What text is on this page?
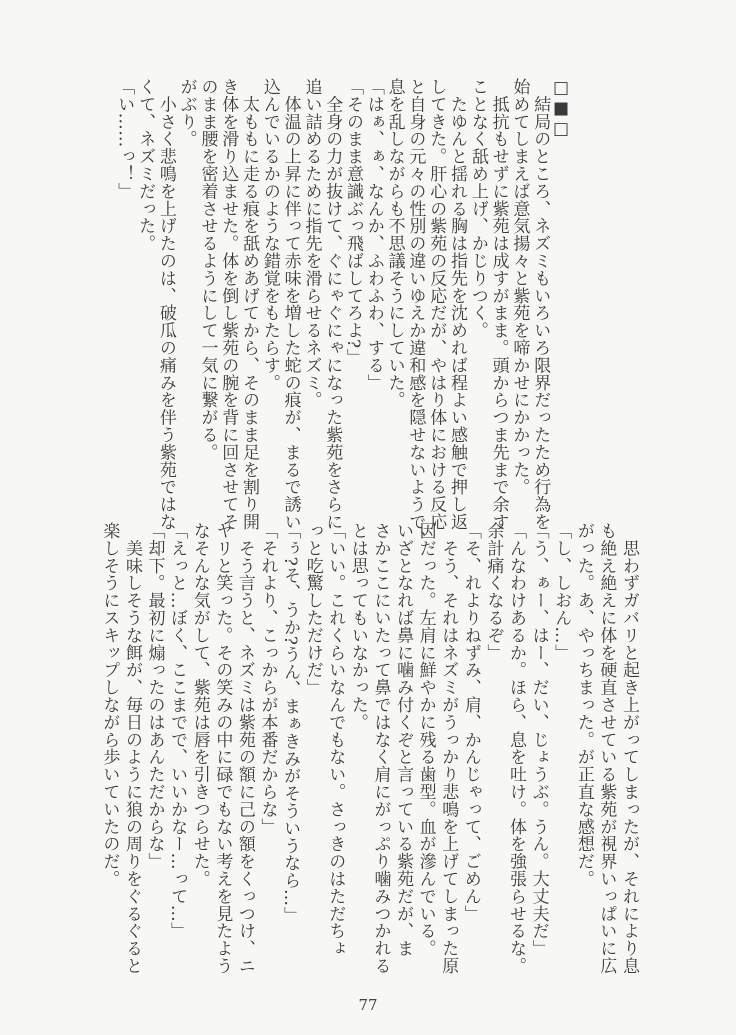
□■□
　結局のところ、ネズミもいろいろ限界だったため行為を
始めてしまえば意気揚々と紫苑を啼かせにかかった。
　抵抗もせずに紫苑は成すがまま。頭からつま先まで余す
ことなく舐め上げ、かじりつく。
　たゆんと揺れる胸は指先を沈めれば程よい感触で押し返
してきた。肝心の紫苑の反応だが、やはり体における反応
と自身の元々の性別の違いゆえか違和感を隠せないようで、
息を乱しながらも不思議そうにしていた。
「はぁ、ぁ、なんか、ふわふわ、する」
「そのまま意識ぶっ飛ばしてろよ?」
　全身の力が抜けて、ぐにゃぐにゃになった紫苑をさらに
追い詰めるために指先を滑らせるネズミ。
　体温の上昇に伴って赤味を増した蛇の痕が、まるで誘い
込んでいるかのような錯覚をもたらす。
　太ももに走る痕を舐めあげてから、そのまま足を割り開
き体を滑り込ませた。体を倒し紫苑の腕を背に回させてそ
のまま腰を密着させるようにして一気に繋がる。
がぶり。
　小さく悲鳴を上げたのは、破瓜の痛みを伴う紫苑ではな
くて、ネズミだった。
「い……っ！」
　思わずガバリと起き上がってしまったが、それにより息
も絶え絶えに体を硬直させている紫苑が視界いっぱいに広
がった。あ、やっちまった。が正直な感想だ。
「し、しおん…」
「う、ぁー、はー、だい、じょうぶ。うん。大丈夫だ」
「んなわけあるか。ほら、息を吐け。体を強張らせるな。
余計痛くなるぞ」
「そ、れよりねずみ、肩、かんじゃって、ごめん」
　そう、それはネズミがうっかり悲鳴を上げてしまった原
因だった。左肩に鮮やかに残る歯型。血が滲んでいる。
いざとなれば鼻に噛み付くぞと言っている紫苑だが、ま
さかここにいたって鼻ではなく肩にがっぷり噛みつかれる
とは思ってもいなかった。
「いい。これくらいなんでもない。さっきのはただちょ
っと吃驚しただけだ」
「ぅ?そ、うか?うん、まぁきみがそういうなら…」
「それより、こっからが本番だからな」
　そう言うと、ネズミは紫苑の額に己の額をくっつけ、ニ
ヤリと笑った。その笑みの中に碌でもない考えを見たよう
なそんな気がして、紫苑は唇を引きつらせた。
「えっと…ぼく、ここまでで、いいかなー…って…」
「却下。最初に煽ったのはあんただからな」
　美味しそうな餌が、毎日のように狼の周りをぐるぐると
楽しそうにスキップしながら歩いていたのだ。
77
